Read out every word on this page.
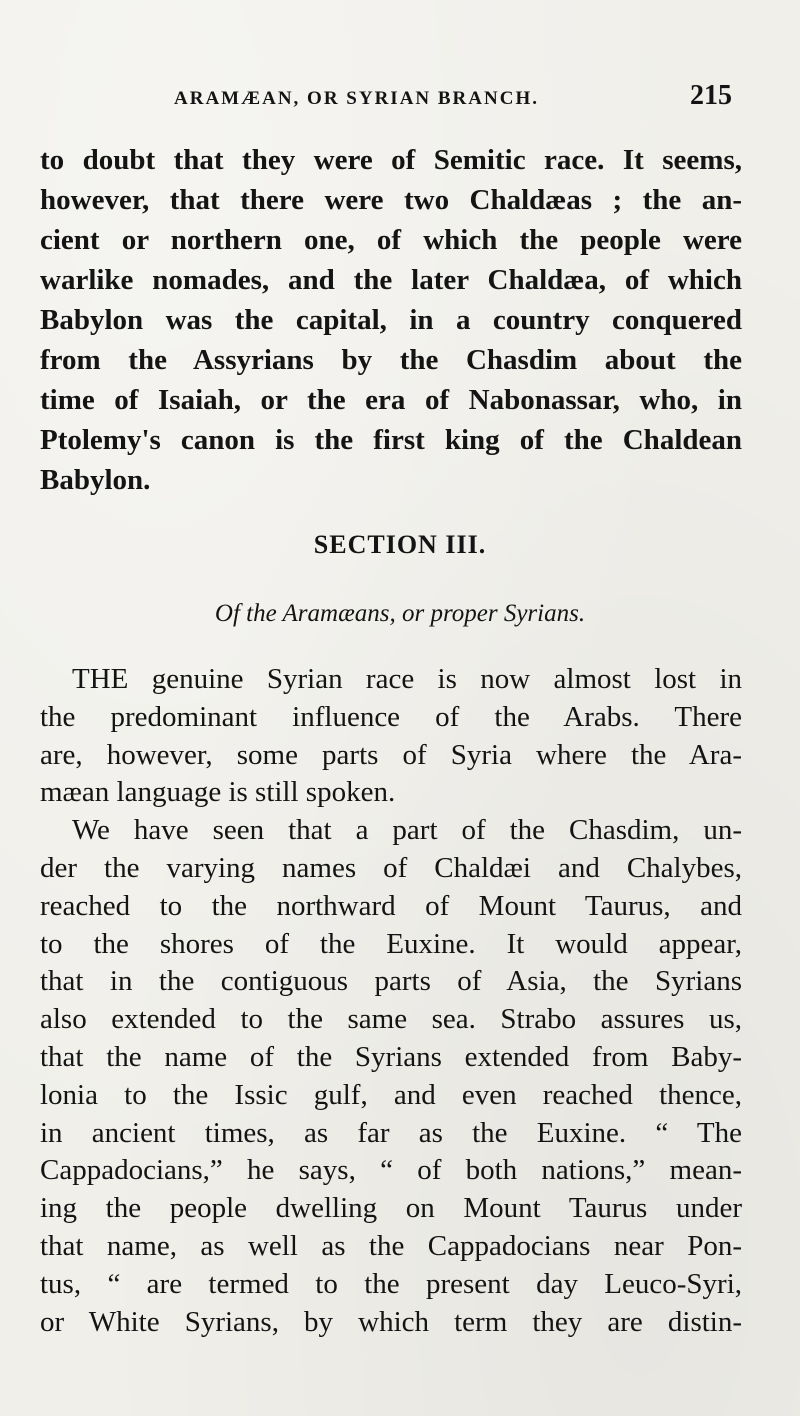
ARAMÆAN, OR SYRIAN BRANCH.	215
to doubt that they were of Semitic race. It seems,
however, that there were two Chaldæas ; the an-
cient or northern one, of which the people were
warlike nomades, and the later Chaldæa, of which
Babylon was the capital, in a country conquered
from the Assyrians by the Chasdim about the
time of Isaiah, or the era of Nabonassar, who, in
Ptolemy's canon is the first king of the Chaldean
Babylon.
SECTION III.
Of the Aramæans, or proper Syrians.
THE genuine Syrian race is now almost lost in
the predominant influence of the Arabs. There
are, however, some parts of Syria where the Ara-
mæan language is still spoken.
We have seen that a part of the Chasdim, un-
der the varying names of Chaldæi and Chalybes,
reached to the northward of Mount Taurus, and
to the shores of the Euxine. It would appear,
that in the contiguous parts of Asia, the Syrians
also extended to the same sea. Strabo assures us,
that the name of the Syrians extended from Baby-
lonia to the Issic gulf, and even reached thence,
in ancient times, as far as the Euxine. “ The
Cappadocians,” he says, “ of both nations,” mean-
ing the people dwelling on Mount Taurus under
that name, as well as the Cappadocians near Pon-
tus, “ are termed to the present day Leuco-Syri,
or White Syrians, by which term they are distin-
